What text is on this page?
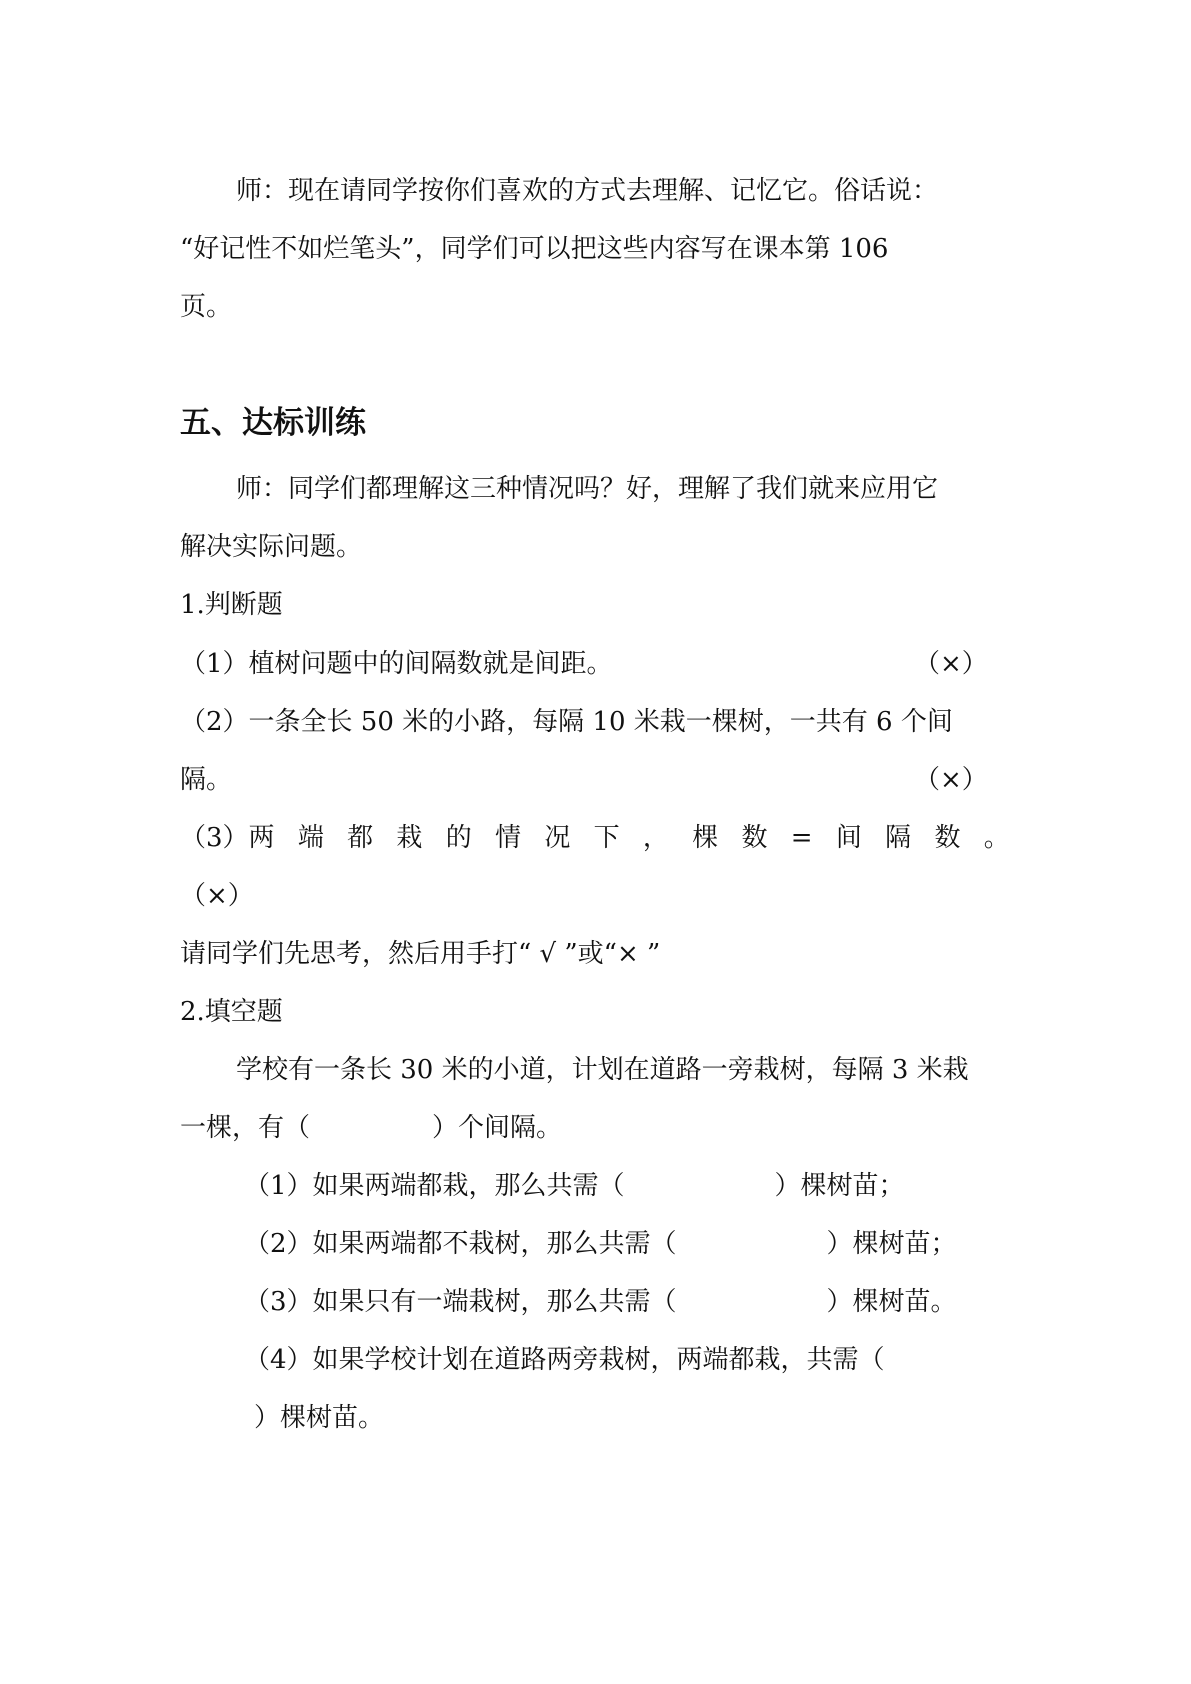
师：现在请同学按你们喜欢的方式去理解、记忆它。俗话说：
“好记性不如烂笔头”，同学们可以把这些内容写在课本第 106
页。
五、达标训练
师：同学们都理解这三种情况吗？好，理解了我们就来应用它
解决实际问题。
1.判断题
（1）植树问题中的间隔数就是间距。	（×）
（2）一条全长 50 米的小路，每隔 10 米栽一棵树，一共有 6 个间
隔。	（×）
（3）两 端 都 栽 的 情 况 下 ， 棵 数 = 间 隔 数 。
（×）
请同学们先思考，然后用手打“ √ ”或“× ”
2.填空题
学校有一条长 30 米的小道，计划在道路一旁栽树，每隔 3 米栽
一棵，有（	）个间隔。
（1）如果两端都栽，那么共需（	）棵树苗；
（2）如果两端都不栽树，那么共需（	）棵树苗；
（3）如果只有一端栽树，那么共需（	）棵树苗。
（4）如果学校计划在道路两旁栽树，两端都栽，共需（
）棵树苗。
